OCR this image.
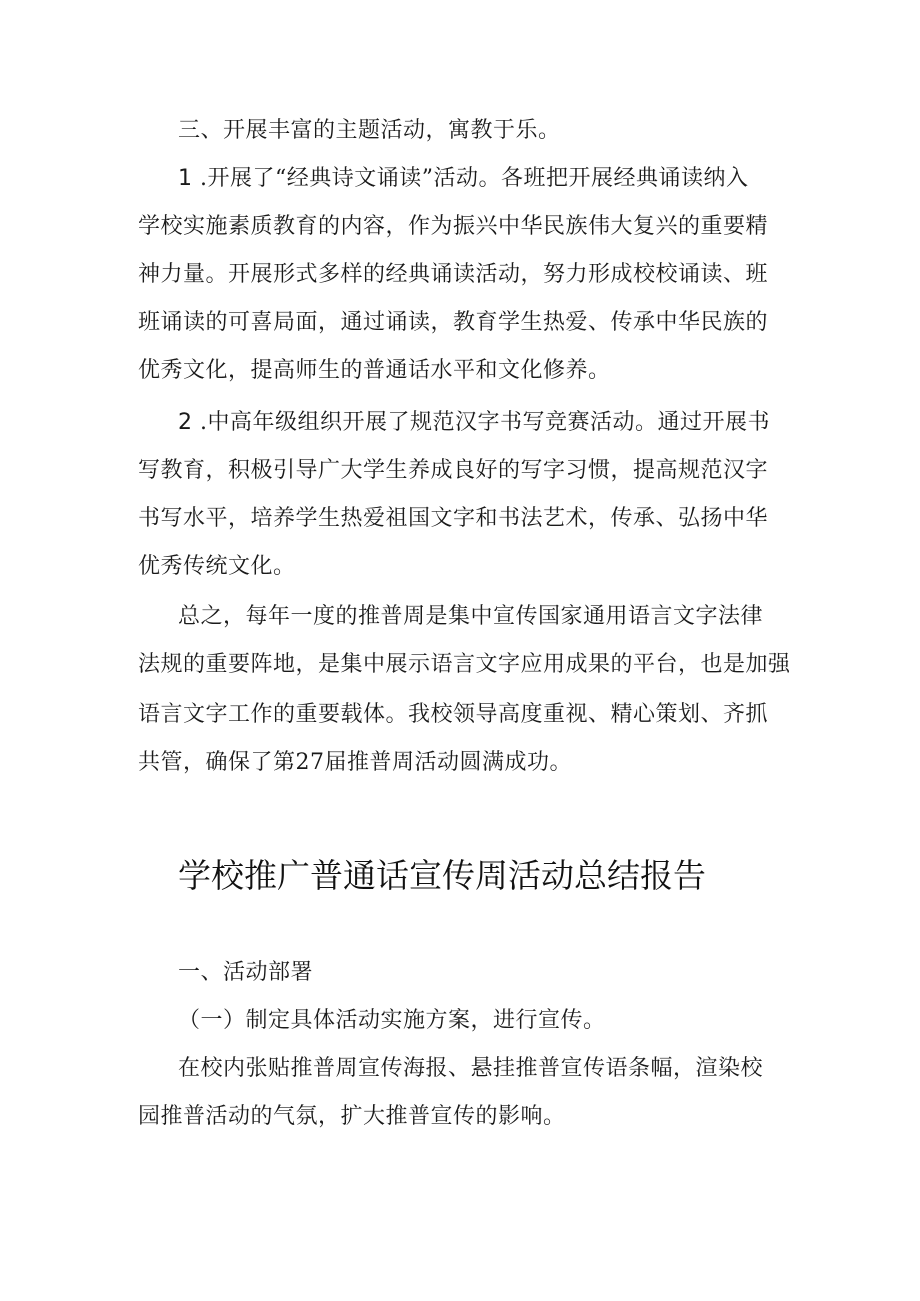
三、开展丰富的主题活动，寓教于乐。
1 .开展了“经典诗文诵读”活动。各班把开展经典诵读纳入
学校实施素质教育的内容，作为振兴中华民族伟大复兴的重要精
神力量。开展形式多样的经典诵读活动，努力形成校校诵读、班
班诵读的可喜局面，通过诵读，教育学生热爱、传承中华民族的
优秀文化，提高师生的普通话水平和文化修养。
2 .中高年级组织开展了规范汉字书写竞赛活动。通过开展书
写教育，积极引导广大学生养成良好的写字习惯，提高规范汉字
书写水平，培养学生热爱祖国文字和书法艺术，传承、弘扬中华
优秀传统文化。
总之，每年一度的推普周是集中宣传国家通用语言文字法律
法规的重要阵地，是集中展示语言文字应用成果的平台，也是加强
语言文字工作的重要载体。我校领导高度重视、精心策划、齐抓
共管，确保了第27届推普周活动圆满成功。
学校推广普通话宣传周活动总结报告
一、活动部署
（一）制定具体活动实施方案，进行宣传。
在校内张贴推普周宣传海报、悬挂推普宣传语条幅，渲染校
园推普活动的气氛，扩大推普宣传的影响。
